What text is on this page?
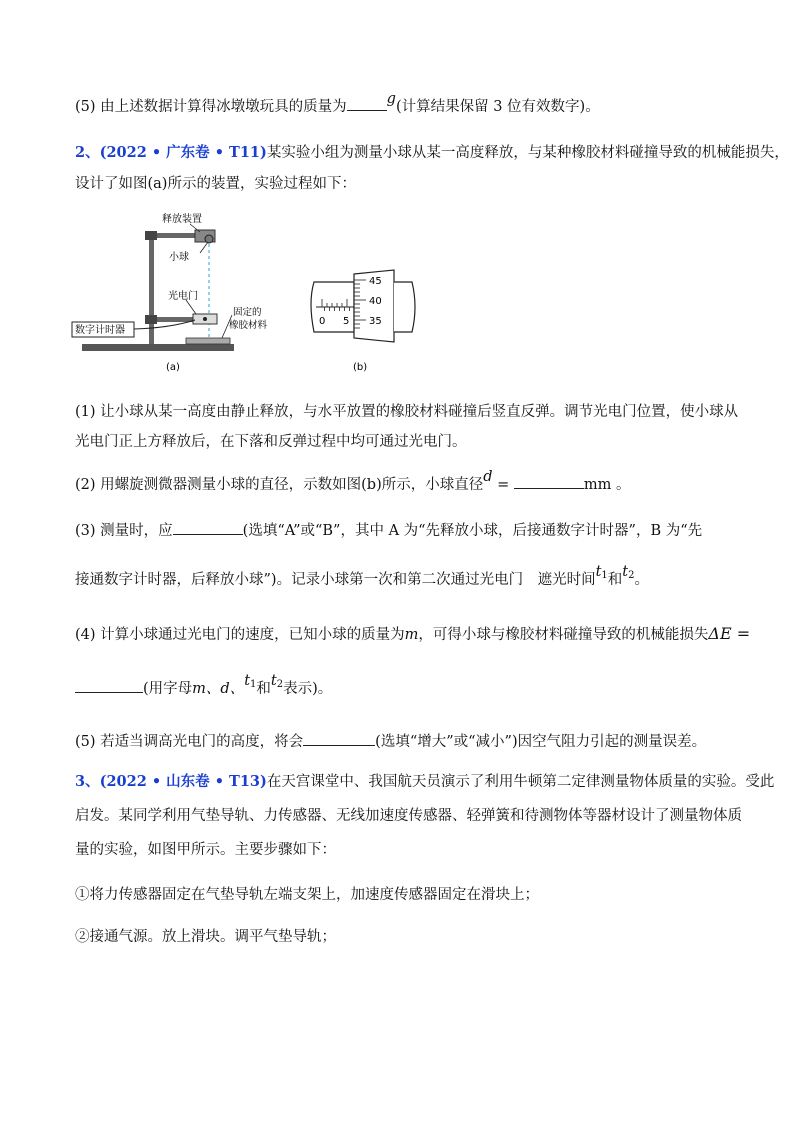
(5) 由上述数据计算得冰墩墩玩具的质量为	g(计算结果保留 3 位有效数字)。
2、(2022 • 广东卷 • T11)某实验小组为测量小球从某一高度释放，与某种橡胶材料碰撞导致的机械能损失，
设计了如图(a)所示的装置，实验过程如下：
释放装置
小球
光电门
固定的
橡胶材料
数字计时器
(a)
45
40
35
0 5
(b)
(1) 让小球从某一高度由静止释放，与水平放置的橡胶材料碰撞后竖直反弹。调节光电门位置，使小球从
光电门正上方释放后，在下落和反弹过程中均可通过光电门。
(2) 用螺旋测微器测量小球的直径，示数如图(b)所示，小球直径d =	mm 。
(3) 测量时，应	(选填“A”或“B”，其中 A 为“先释放小球，后接通数字计时器”，B 为“先
接通数字计时器，后释放小球”)。记录小球第一次和第二次通过光电门　遮光时间$t_1$和$t_2$。
(4) 计算小球通过光电门的速度，已知小球的质量为m，可得小球与橡胶材料碰撞导致的机械能损失ΔE =
(用字母m、d、$t_1$和$t_2$表示)。
(5) 若适当调高光电门的高度，将会	(选填“增大”或“减小”)因空气阻力引起的测量误差。
3、(2022 • 山东卷 • T13)在天宫课堂中、我国航天员演示了利用牛顿第二定律测量物体质量的实验。受此
启发。某同学利用气垫导轨、力传感器、无线加速度传感器、轻弹簧和待测物体等器材设计了测量物体质
量的实验，如图甲所示。主要步骤如下：
①将力传感器固定在气垫导轨左端支架上，加速度传感器固定在滑块上；
②接通气源。放上滑块。调平气垫导轨；
